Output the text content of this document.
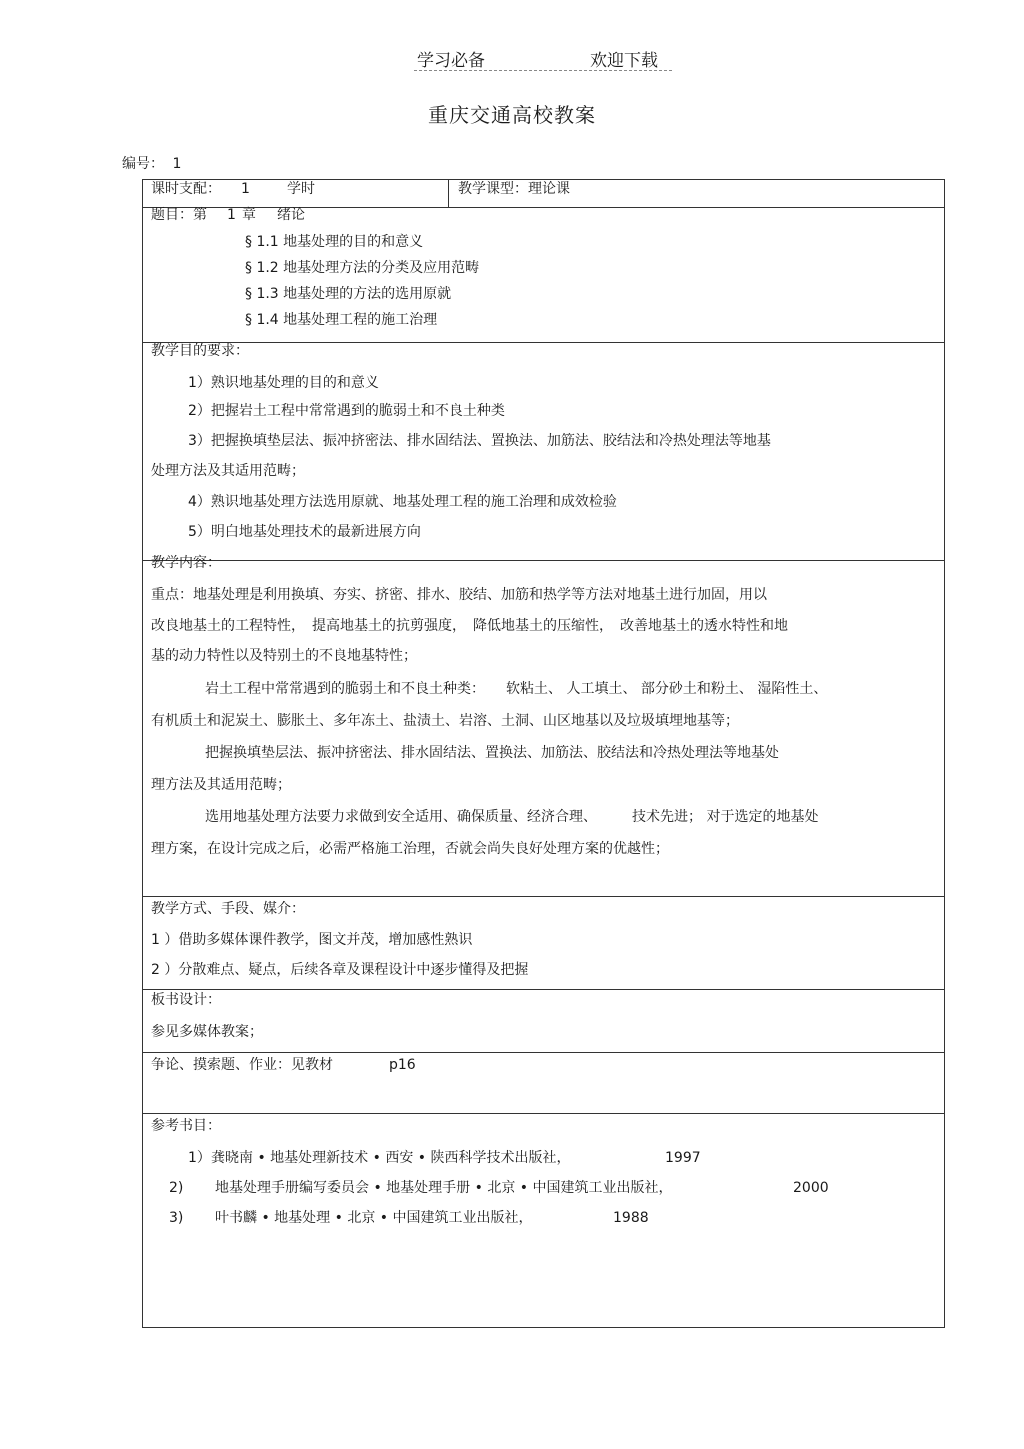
学习必备	欢迎下载
重庆交通高校教案
编号： 1
课时支配： 1	学时	教学课型：理论课
题目：第 1 章 绪论
§ 1.1 地基处理的目的和意义
§ 1.2 地基处理方法的分类及应用范畴
§ 1.3 地基处理的方法的选用原就
§ 1.4 地基处理工程的施工治理
教学目的要求：
1）熟识地基处理的目的和意义
2）把握岩土工程中常常遇到的脆弱土和不良土种类
3）把握换填垫层法、振冲挤密法、排水固结法、置换法、加筋法、胶结法和冷热处理法等地基
处理方法及其适用范畴；
4）熟识地基处理方法选用原就、地基处理工程的施工治理和成效检验
5）明白地基处理技术的最新进展方向
教学内容：
重点：地基处理是利用换填、夯实、挤密、排水、胶结、加筋和热学等方法对地基土进行加固，用以
改良地基土的工程特性，　提高地基土的抗剪强度，　降低地基土的压缩性，　改善地基土的透水特性和地
基的动力特性以及特别土的不良地基特性；
岩土工程中常常遇到的脆弱土和不良土种类：　　软粘土、 人工填土、 部分砂土和粉土、 湿陷性土、
有机质土和泥炭土、膨胀土、多年冻土、盐渍土、岩溶、土洞、山区地基以及垃圾填埋地基等；
把握换填垫层法、振冲挤密法、排水固结法、置换法、加筋法、胶结法和冷热处理法等地基处
理方法及其适用范畴；
选用地基处理方法要力求做到安全适用、确保质量、经济合理、　　　技术先进； 对于选定的地基处
理方案，在设计完成之后，必需严格施工治理，否就会尚失良好处理方案的优越性；
教学方式、手段、媒介：
1 ）借助多媒体课件教学，图文并茂，增加感性熟识
2 ）分散难点、疑点，后续各章及课程设计中逐步懂得及把握
板书设计：
参见多媒体教案；
争论、摸索题、作业：见教材	p16
参考书目：
1） 龚晓南 • 地基处理新技术 • 西安 • 陕西科学技术出版社，	1997
2) 地基处理手册编写委员会 • 地基处理手册 • 北京 • 中国建筑工业出版社，	2000
3) 叶书麟 • 地基处理 • 北京 • 中国建筑工业出版社，	1988
